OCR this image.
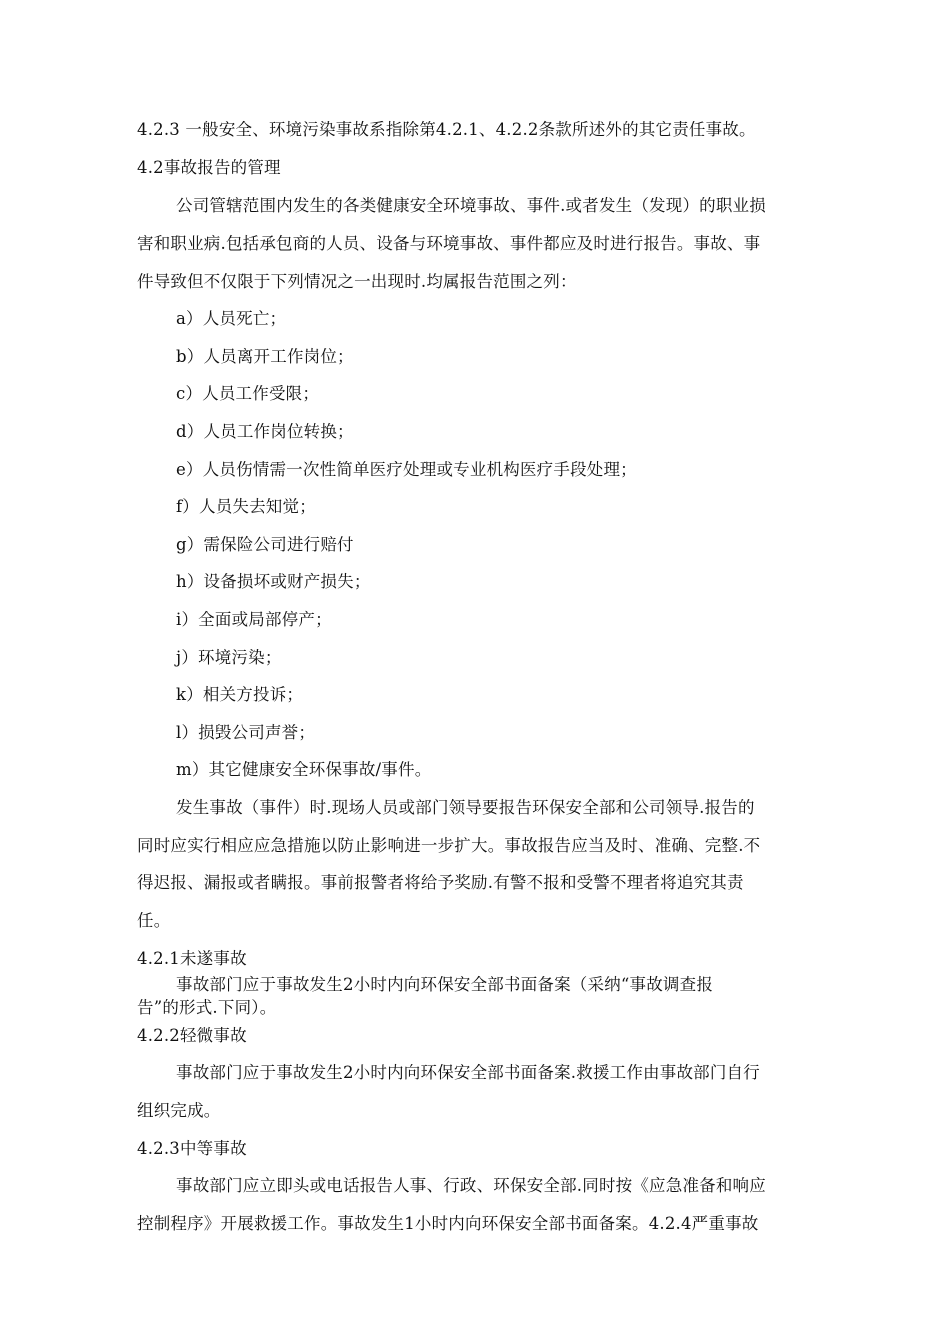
4.2.3 一般安全、环境污染事故系指除第4.2.1、4.2.2条款所述外的其它责任事故。
4.2事故报告的管理
公司管辖范围内发生的各类健康安全环境事故、事件.或者发生（发现）的职业损
害和职业病.包括承包商的人员、设备与环境事故、事件都应及时进行报告。事故、事
件导致但不仅限于下列情况之一出现时.均属报告范围之列：
a）人员死亡；
b）人员离开工作岗位；
c）人员工作受限；
d）人员工作岗位转换；
e）人员伤情需一次性简单医疗处理或专业机构医疗手段处理；
f）人员失去知觉；
g）需保险公司进行赔付
h）设备损坏或财产损失；
i）全面或局部停产；
j）环境污染；
k）相关方投诉；
l）损毁公司声誉；
m）其它健康安全环保事故/事件。
发生事故（事件）时.现场人员或部门领导要报告环保安全部和公司领导.报告的
同时应实行相应应急措施以防止影响进一步扩大。事故报告应当及时、准确、完整.不
得迟报、漏报或者瞒报。事前报警者将给予奖励.有警不报和受警不理者将追究其责
任。
4.2.1未遂事故
事故部门应于事故发生2小时内向环保安全部书面备案（采纳“事故调查报
告”的形式.下同）。
4.2.2轻微事故
事故部门应于事故发生2小时内向环保安全部书面备案.救援工作由事故部门自行
组织完成。
4.2.3中等事故
事故部门应立即头或电话报告人事、行政、环保安全部.同时按《应急准备和响应
控制程序》开展救援工作。事故发生1小时内向环保安全部书面备案。4.2.4严重事故
